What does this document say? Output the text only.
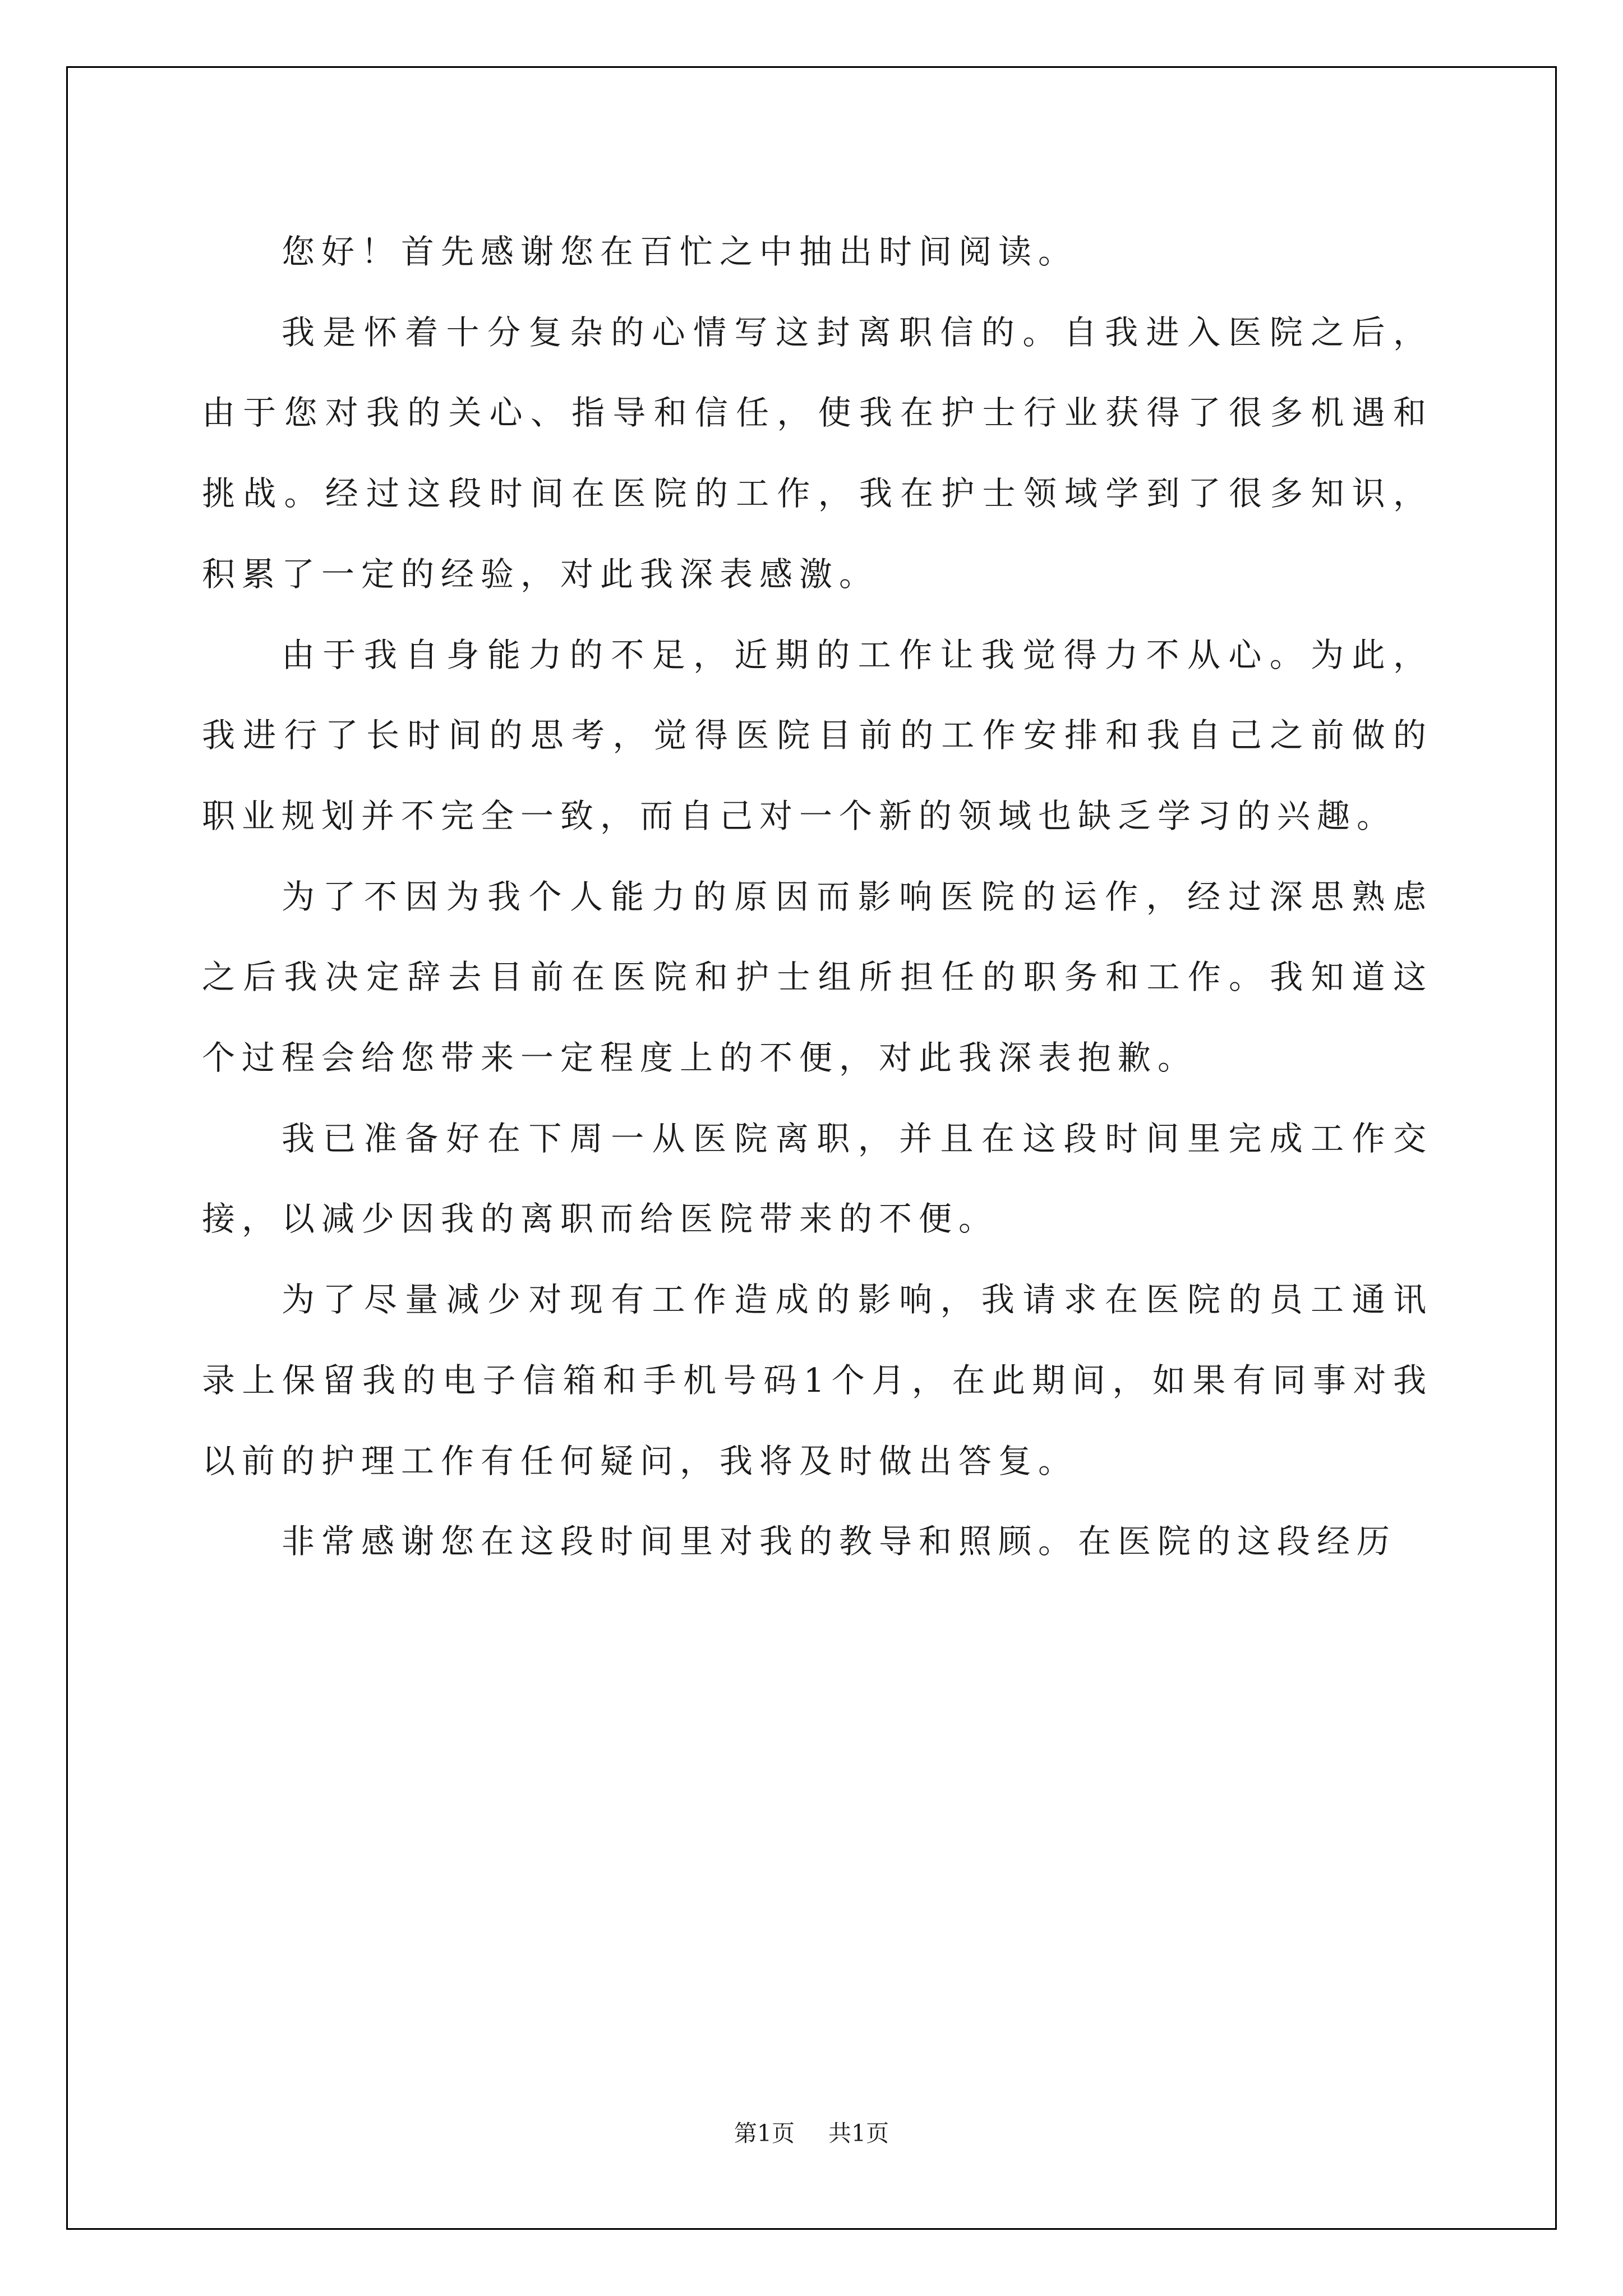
您好！首先感谢您在百忙之中抽出时间阅读。

我是怀着十分复杂的心情写这封离职信的。自我进入医院之后，由于您对我的关心、指导和信任，使我在护士行业获得了很多机遇和挑战。经过这段时间在医院的工作，我在护士领域学到了很多知识，积累了一定的经验，对此我深表感激。

由于我自身能力的不足，近期的工作让我觉得力不从心。为此，我进行了长时间的思考，觉得医院目前的工作安排和我自己之前做的职业规划并不完全一致，而自己对一个新的领域也缺乏学习的兴趣。

为了不因为我个人能力的原因而影响医院的运作，经过深思熟虑之后我决定辞去目前在医院和护士组所担任的职务和工作。我知道这个过程会给您带来一定程度上的不便，对此我深表抱歉。

我已准备好在下周一从医院离职，并且在这段时间里完成工作交接，以减少因我的离职而给医院带来的不便。

为了尽量减少对现有工作造成的影响，我请求在医院的员工通讯录上保留我的电子信箱和手机号码1个月，在此期间，如果有同事对我以前的护理工作有任何疑问，我将及时做出答复。

非常感谢您在这段时间里对我的教导和照顾。在医院的这段经历

第1页 共1页
